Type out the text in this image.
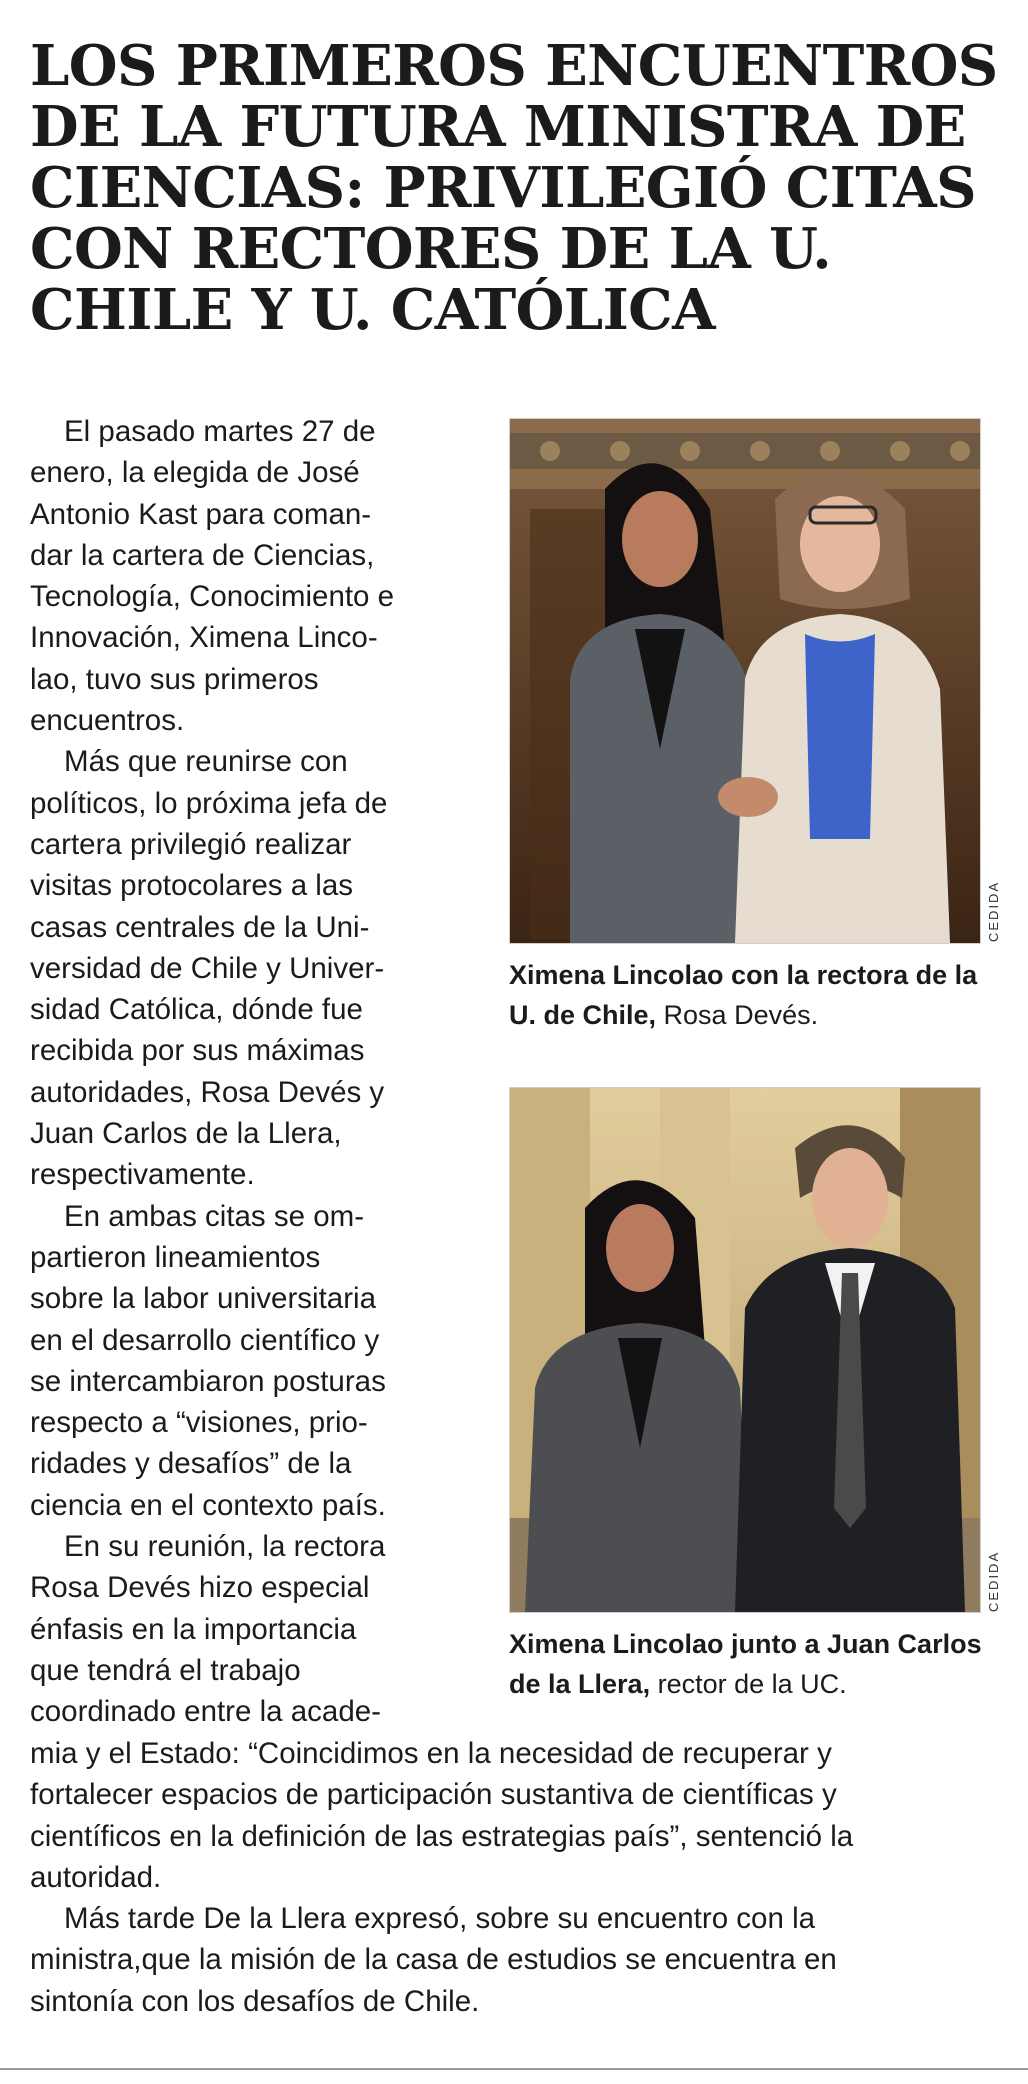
LOS PRIMEROS ENCUENTROS
DE LA FUTURA MINISTRA DE
CIENCIAS: PRIVILEGIÓ CITAS
CON RECTORES DE LA U.
CHILE Y U. CATÓLICA
El pasado martes 27 de
enero, la elegida de José
Antonio Kast para coman-
dar la cartera de Ciencias,
Tecnología, Conocimiento e
Innovación, Ximena Linco-
lao, tuvo sus primeros
encuentros.
Más que reunirse con
políticos, lo próxima jefa de
cartera privilegió realizar
visitas protocolares a las
casas centrales de la Uni-
versidad de Chile y Univer-
sidad Católica, dónde fue
recibida por sus máximas
autoridades, Rosa Devés y
Juan Carlos de la Llera,
respectivamente.
En ambas citas se om-
partieron lineamientos
sobre la labor universitaria
en el desarrollo científico y
se intercambiaron posturas
respecto a “visiones, prio-
ridades y desafíos” de la
ciencia en el contexto país.
En su reunión, la rectora
Rosa Devés hizo especial
énfasis en la importancia
que tendrá el trabajo
coordinado entre la acade-
mia y el Estado: “Coincidimos en la necesidad de recuperar y
fortalecer espacios de participación sustantiva de científicas y
científicos en la definición de las estrategias país”, sentenció la
autoridad.
Más tarde De la Llera expresó, sobre su encuentro con la
ministra,que la misión de la casa de estudios se encuentra en
sintonía con los desafíos de Chile.
CEDIDA
Ximena Lincolao con la rectora de la U. de Chile, Rosa Devés.
CEDIDA
Ximena Lincolao junto a Juan Carlos de la Llera, rector de la UC.
